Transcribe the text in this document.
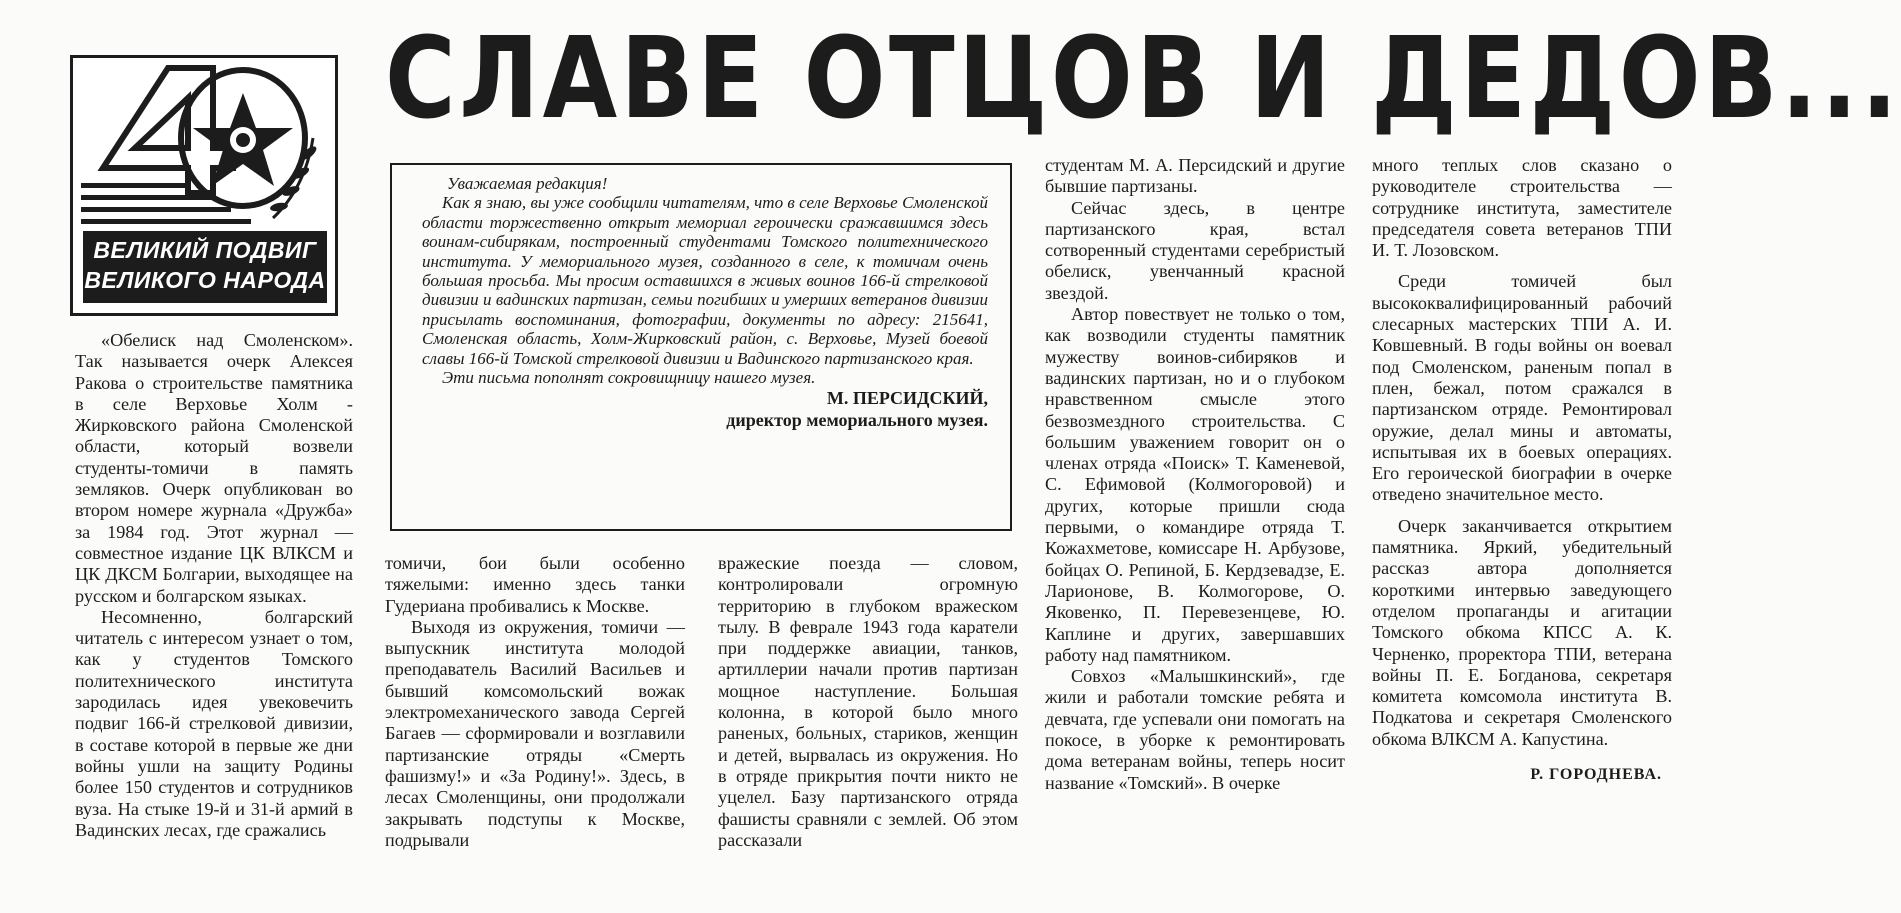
ВЕЛИКИЙ ПОДВИГ
ВЕЛИКОГО НАРОДА
СЛАВЕ ОТЦОВ И ДЕДОВ...

Уважаемая редакция!

Как я знаю, вы уже сообщили читателям, что в селе Верховье Смоленской области торжественно открыт мемориал героически сражавшимся здесь воинам-сибирякам, построенный студентами Томского политехнического института. У мемориального музея, созданного в селе, к томичам очень большая просьба. Мы просим оставшихся в живых воинов 166-й стрелковой дивизии и вадинских партизан, семьи погибших и умерших ветеранов дивизии присылать воспоминания, фотографии, документы по адресу: 215641, Смоленская область, Холм-Жирковский район, с. Верховье, Музей боевой славы 166-й Томской стрелковой дивизии и Вадинского партизанского края.

Эти письма пополнят сокровищницу нашего музея.

М. ПЕРСИДСКИЙ,
директор мемориального музея.

«Обелиск над Смоленском». Так называется очерк Алексея Ракова о строительстве памятника в селе Верховье Холм - Жирковского района Смоленской области, который возвели студенты-томичи в память земляков. Очерк опубликован во втором номере журнала «Дружба» за 1984 год. Этот журнал — совместное издание ЦК ВЛКСМ и ЦК ДКСМ Болгарии, выходящее на русском и болгарском языках.

Несомненно, болгарский читатель с интересом узнает о том, как у студентов Томского политехнического института зародилась идея увековечить подвиг 166-й стрелковой дивизии, в составе которой в первые же дни войны ушли на защиту Родины более 150 студентов и сотрудников вуза. На стыке 19-й и 31-й армий в Вадинских лесах, где сражались

томичи, бои были особенно тяжелыми: именно здесь танки Гудериана пробивались к Москве.

Выходя из окружения, томичи — выпускник института молодой преподаватель Василий Васильев и бывший комсомольский вожак электромеханического завода Сергей Багаев — сформировали и возглавили партизанские отряды «Смерть фашизму!» и «За Родину!». Здесь, в лесах Смоленщины, они продолжали закрывать подступы к Москве, подрывали

вражеские поезда — словом, контролировали огромную территорию в глубоком вражеском тылу. В феврале 1943 года каратели при поддержке авиации, танков, артиллерии начали против партизан мощное наступление. Большая колонна, в которой было много раненых, больных, стариков, женщин и детей, вырвалась из окружения. Но в отряде прикрытия почти никто не уцелел. Базу партизанского отряда фашисты сравняли с землей. Об этом рассказали

студентам М. А. Персидский и другие бывшие партизаны.

Сейчас здесь, в центре партизанского края, встал сотворенный студентами серебристый обелиск, увенчанный красной звездой.

Автор повествует не только о том, как возводили студенты памятник мужеству воинов-сибиряков и вадинских партизан, но и о глубоком нравственном смысле этого безвозмездного строительства. С большим уважением говорит он о членах отряда «Поиск» Т. Каменевой, С. Ефимовой (Колмогоровой) и других, которые пришли сюда первыми, о командире отряда Т. Кожахметове, комиссаре Н. Арбузове, бойцах О. Репиной, Б. Кердзевадзе, Е. Ларионове, В. Колмогорове, О. Яковенко, П. Перевезенцеве, Ю. Каплине и других, завершавших работу над памятником.

Совхоз «Малышкинский», где жили и работали томские ребята и девчата, где успевали они помогать на покосе, в уборке к ремонтировать дома ветеранам войны, теперь носит название «Томский». В очерке

много теплых слов сказано о руководителе строительства — сотруднике института, заместителе председателя совета ветеранов ТПИ И. Т. Лозовском.

Среди томичей был высококвалифицированный рабочий слесарных мастерских ТПИ А. И. Ковшевный. В годы войны он воевал под Смоленском, раненым попал в плен, бежал, потом сражался в партизанском отряде. Ремонтировал оружие, делал мины и автоматы, испытывая их в боевых операциях. Его героической биографии в очерке отведено значительное место.

Очерк заканчивается открытием памятника. Яркий, убедительный рассказ автора дополняется короткими интервью заведующего отделом пропаганды и агитации Томского обкома КПСС А. К. Черненко, проректора ТПИ, ветерана войны П. Е. Богданова, секретаря комитета комсомола института В. Подкатова и секретаря Смоленского обкома ВЛКСМ А. Капустина.

Р. ГОРОДНЕВА.
